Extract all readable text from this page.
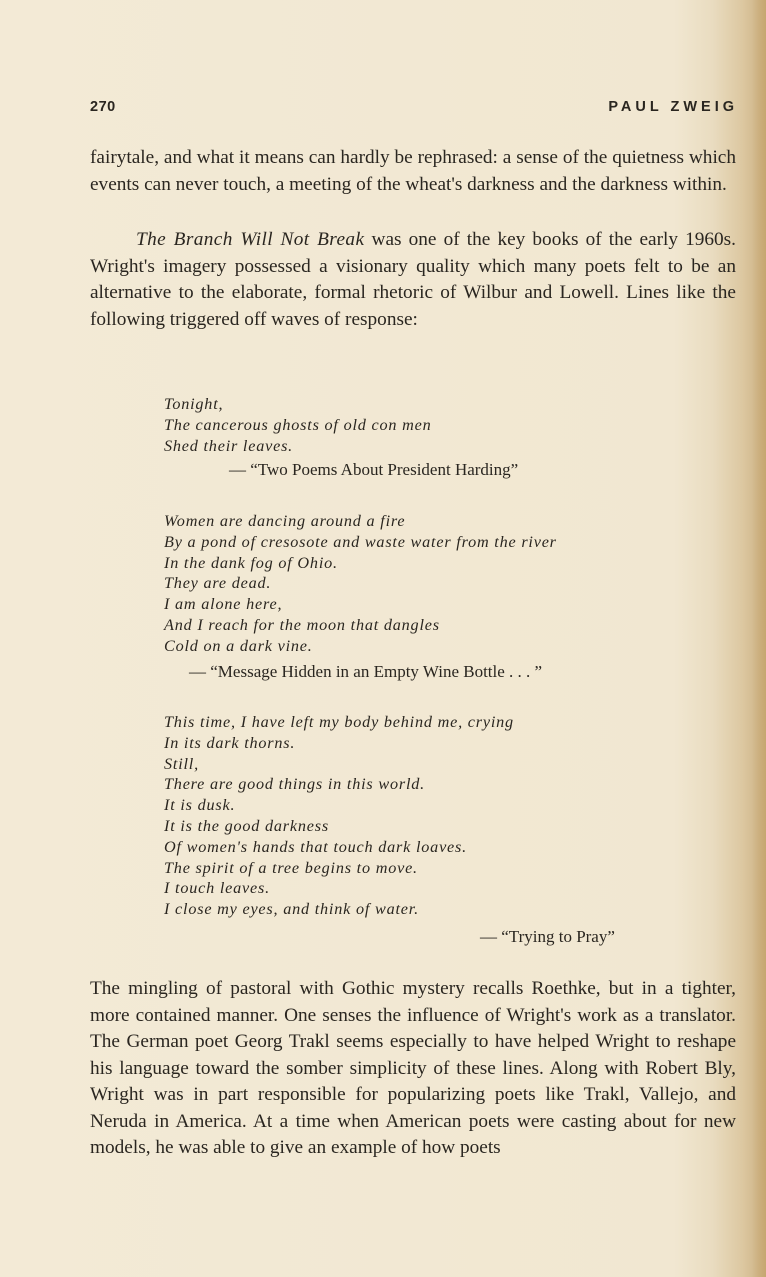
270	PAUL ZWEIG

fairytale, and what it means can hardly be rephrased: a sense of the quietness which events can never touch, a meeting of the wheat's darkness and the darkness within.

The Branch Will Not Break was one of the key books of the early 1960s. Wright's imagery possessed a visionary quality which many poets felt to be an alternative to the elaborate, formal rhetoric of Wilbur and Lowell. Lines like the following triggered off waves of response:

Tonight,
The cancerous ghosts of old con men
Shed their leaves.
— “Two Poems About President Harding”
Women are dancing around a fire
By a pond of cresosote and waste water from the river
In the dank fog of Ohio.
They are dead.
I am alone here,
And I reach for the moon that dangles
Cold on a dark vine.
— “Message Hidden in an Empty Wine Bottle . . . ”
This time, I have left my body behind me, crying
In its dark thorns.
Still,
There are good things in this world.
It is dusk.
It is the good darkness
Of women's hands that touch dark loaves.
The spirit of a tree begins to move.
I touch leaves.
I close my eyes, and think of water.
— “Trying to Pray”

The mingling of pastoral with Gothic mystery recalls Roethke, but in a tighter, more contained manner. One senses the influence of Wright's work as a translator. The German poet Georg Trakl seems especially to have helped Wright to reshape his language toward the somber simplicity of these lines. Along with Robert Bly, Wright was in part responsible for popularizing poets like Trakl, Vallejo, and Neruda in America. At a time when American poets were casting about for new models, he was able to give an example of how poets
